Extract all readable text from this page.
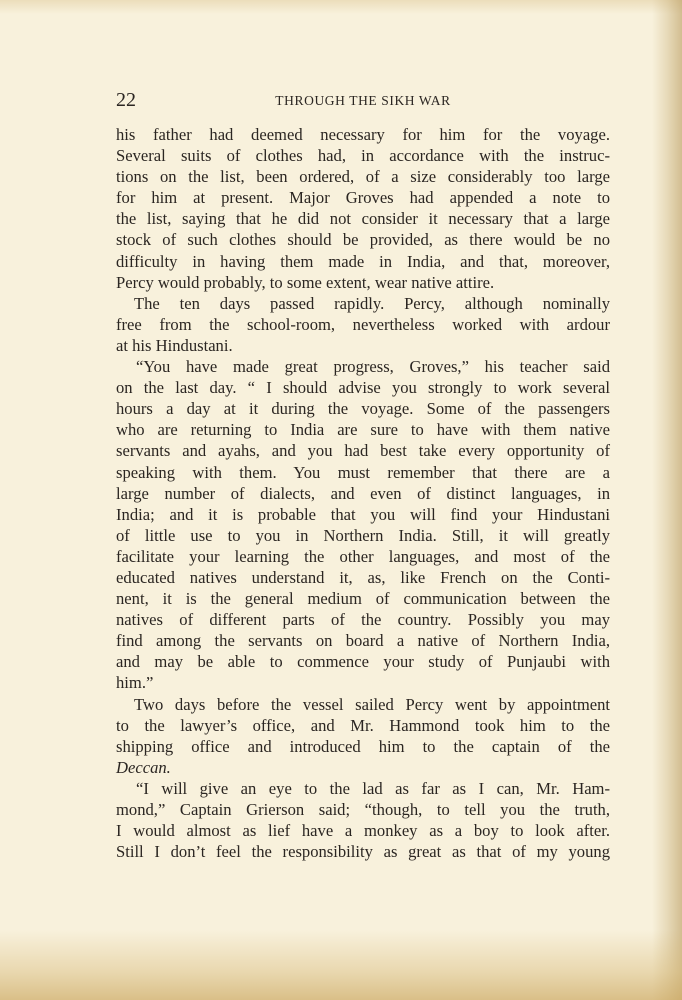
22	THROUGH THE SIKH WAR
his father had deemed necessary for him for the voyage.
Several suits of clothes had, in accordance with the instruc-
tions on the list, been ordered, of a size considerably too large
for him at present. Major Groves had appended a note to
the list, saying that he did not consider it necessary that a large
stock of such clothes should be provided, as there would be no
difficulty in having them made in India, and that, moreover,
Percy would probably, to some extent, wear native attire.
The ten days passed rapidly. Percy, although nominally
free from the school-room, nevertheless worked with ardour
at his Hindustani.
“You have made great progress, Groves,” his teacher said
on the last day. “ I should advise you strongly to work several
hours a day at it during the voyage. Some of the passengers
who are returning to India are sure to have with them native
servants and ayahs, and you had best take every opportunity of
speaking with them. You must remember that there are a
large number of dialects, and even of distinct languages, in
India; and it is probable that you will find your Hindustani
of little use to you in Northern India. Still, it will greatly
facilitate your learning the other languages, and most of the
educated natives understand it, as, like French on the Conti-
nent, it is the general medium of communication between the
natives of different parts of the country. Possibly you may
find among the servants on board a native of Northern India,
and may be able to commence your study of Punjaubi with
him.”
Two days before the vessel sailed Percy went by appointment
to the lawyer’s office, and Mr. Hammond took him to the
shipping office and introduced him to the captain of the
Deccan.
“I will give an eye to the lad as far as I can, Mr. Ham-
mond,” Captain Grierson said; “though, to tell you the truth,
I would almost as lief have a monkey as a boy to look after.
Still I don’t feel the responsibility as great as that of my young
